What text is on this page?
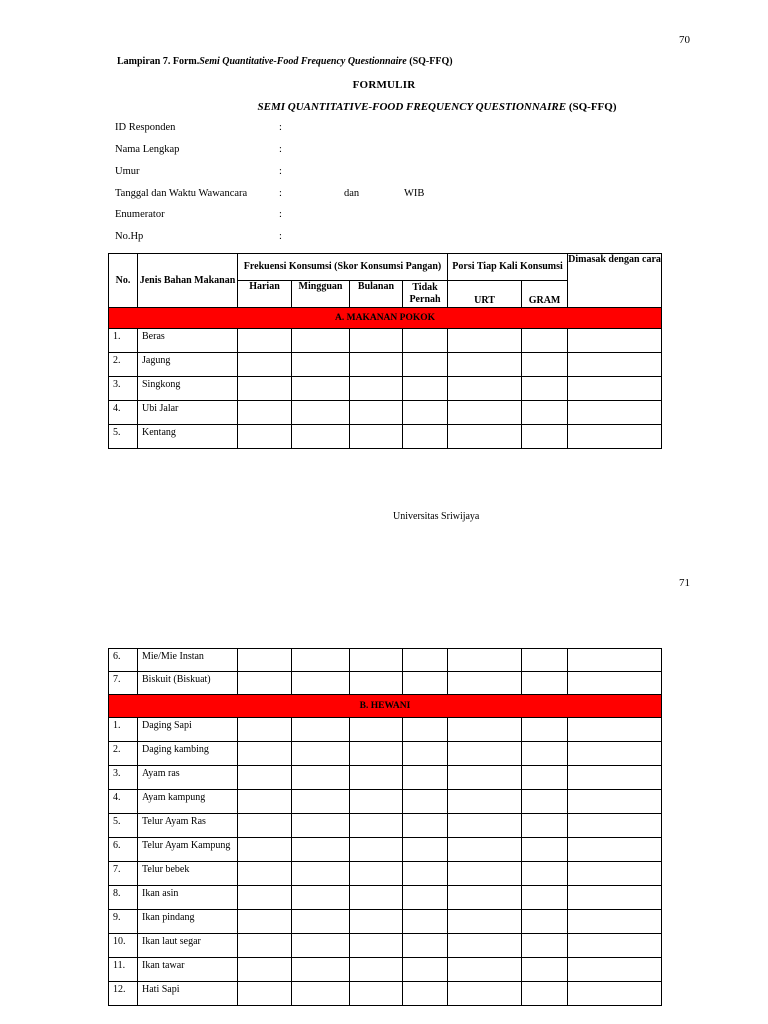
70
Lampiran 7. Form.Semi Quantitative-Food Frequency Questionnaire (SQ-FFQ)
FORMULIR
SEMI QUANTITATIVE-FOOD FREQUENCY QUESTIONNAIRE (SQ-FFQ)
ID Responden	:
Nama Lengkap	:
Umur	:
Tanggal dan Waktu Wawancara	:	dan	WIB
Enumerator	:
No.Hp	:
No.	Jenis Bahan Makanan	Frekuensi Konsumsi (Skor Konsumsi Pangan)				Porsi Tiap Kali Konsumsi		Dimasak dengan cara
		Harian	Mingguan	Bulanan	Tidak Pernah	URT	GRAM	
A. MAKANAN POKOK								
1.	Beras							
2.	Jagung							
3.	Singkong							
4.	Ubi Jalar							
5.	Kentang							
Universitas Sriwijaya
71
6.	Mie/Mie Instan							
7.	Biskuit (Biskuat)							
B. HEWANI								
1.	Daging Sapi							
2.	Daging kambing							
3.	Ayam ras							
4.	Ayam kampung							
5.	Telur Ayam Ras							
6.	Telur Ayam Kampung							
7.	Telur bebek							
8.	Ikan asin							
9.	Ikan pindang							
10.	Ikan laut segar							
11.	Ikan tawar							
12.	Hati Sapi							
